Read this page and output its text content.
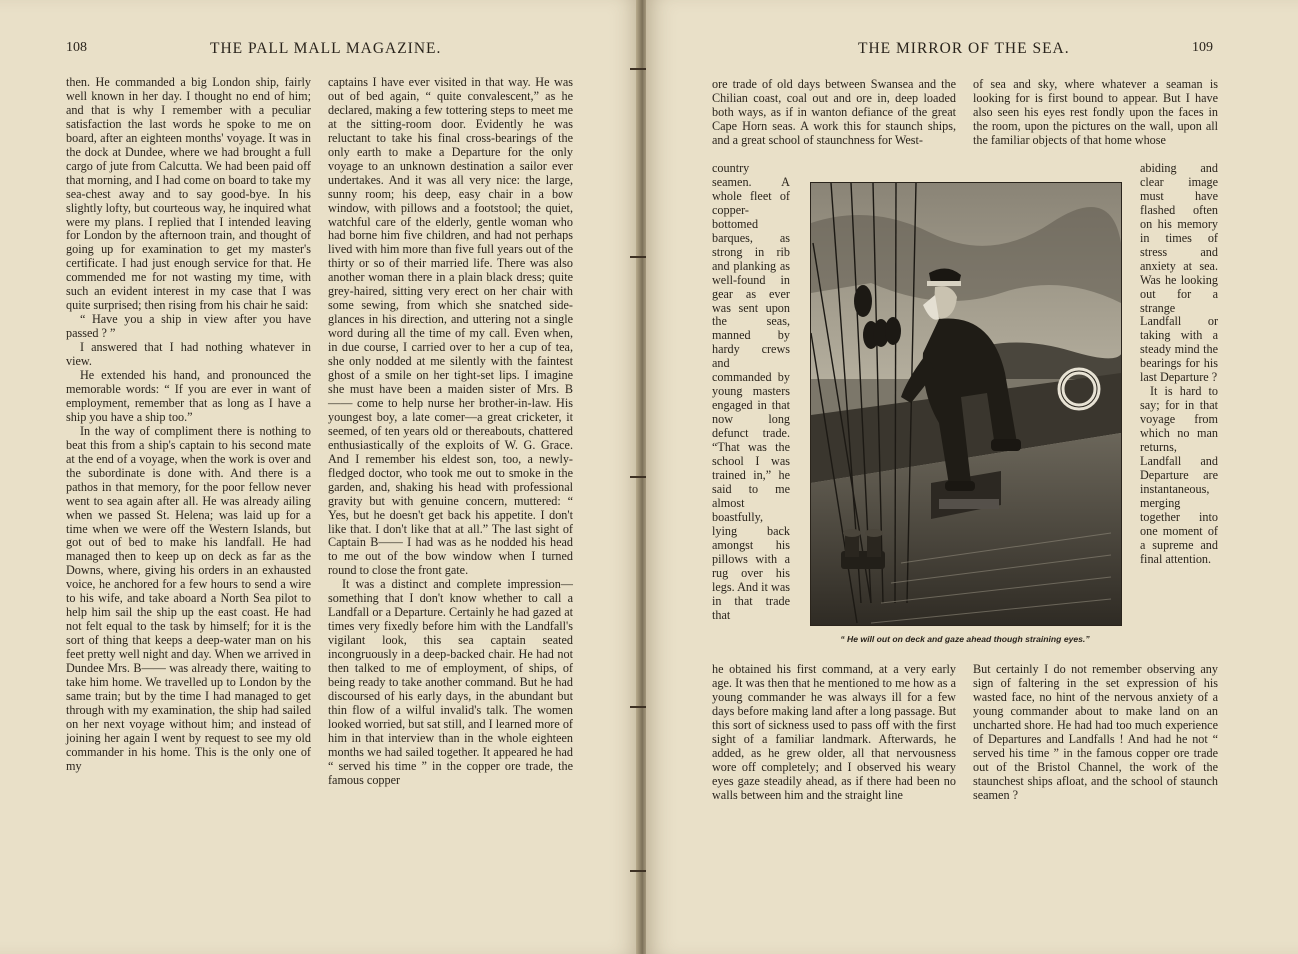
108	THE PALL MALL MAGAZINE.

then. He commanded a big London ship, fairly well known in her day. I thought no end of him; and that is why I remember with a peculiar satisfaction the last words he spoke to me on board, after an eighteen months' voyage. It was in the dock at Dundee, where we had brought a full cargo of jute from Calcutta. We had been paid off that morning, and I had come on board to take my sea-chest away and to say good-bye. In his slightly lofty, but courteous way, he inquired what were my plans. I replied that I intended leaving for London by the afternoon train, and thought of going up for examination to get my master's certificate. I had just enough service for that. He commended me for not wasting my time, with such an evident interest in my case that I was quite surprised; then rising from his chair he said:

“ Have you a ship in view after you have passed ? ”

I answered that I had nothing whatever in view.

He extended his hand, and pronounced the memorable words: “ If you are ever in want of employment, remember that as long as I have a ship you have a ship too.”

In the way of compliment there is nothing to beat this from a ship's captain to his second mate at the end of a voyage, when the work is over and the subordinate is done with. And there is a pathos in that memory, for the poor fellow never went to sea again after all. He was already ailing when we passed St. Helena; was laid up for a time when we were off the Western Islands, but got out of bed to make his landfall. He had managed then to keep up on deck as far as the Downs, where, giving his orders in an exhausted voice, he anchored for a few hours to send a wire to his wife, and take aboard a North Sea pilot to help him sail the ship up the east coast. He had not felt equal to the task by himself; for it is the sort of thing that keeps a deep-water man on his feet pretty well night and day. When we arrived in Dundee Mrs. B—— was already there, waiting to take him home. We travelled up to London by the same train; but by the time I had managed to get through with my examination, the ship had sailed on her next voyage without him; and instead of joining her again I went by request to see my old commander in his home. This is the only one of my

captains I have ever visited in that way. He was out of bed again, “ quite convalescent,” as he declared, making a few tottering steps to meet me at the sitting-room door. Evidently he was reluctant to take his final cross-bearings of the only earth to make a Departure for the only voyage to an unknown destination a sailor ever undertakes. And it was all very nice: the large, sunny room; his deep, easy chair in a bow window, with pillows and a footstool; the quiet, watchful care of the elderly, gentle woman who had borne him five children, and had not perhaps lived with him more than five full years out of the thirty or so of their married life. There was also another woman there in a plain black dress; quite grey-haired, sitting very erect on her chair with some sewing, from which she snatched side-glances in his direction, and uttering not a single word during all the time of my call. Even when, in due course, I carried over to her a cup of tea, she only nodded at me silently with the faintest ghost of a smile on her tight-set lips. I imagine she must have been a maiden sister of Mrs. B—— come to help nurse her brother-in-law. His youngest boy, a late comer—a great cricketer, it seemed, of ten years old or thereabouts, chattered enthusiastically of the exploits of W. G. Grace. And I remember his eldest son, too, a newly-fledged doctor, who took me out to smoke in the garden, and, shaking his head with professional gravity but with genuine concern, muttered: “ Yes, but he doesn't get back his appetite. I don't like that. I don't like that at all.” The last sight of Captain B—— I had was as he nodded his head to me out of the bow window when I turned round to close the front gate.

It was a distinct and complete impression—something that I don't know whether to call a Landfall or a Departure. Certainly he had gazed at times very fixedly before him with the Landfall's vigilant look, this sea captain seated incongruously in a deep-backed chair. He had not then talked to me of employment, of ships, of being ready to take another command. But he had discoursed of his early days, in the abundant but thin flow of a wilful invalid's talk. The women looked worried, but sat still, and I learned more of him in that interview than in the whole eighteen months we had sailed together. It appeared he had “ served his time ” in the copper ore trade, the famous copper

THE MIRROR OF THE SEA.	109

ore trade of old days between Swansea and the Chilian coast, coal out and ore in, deep loaded both ways, as if in wanton defiance of the great Cape Horn seas. A work this for staunch ships, and a great school of staunchness for West-

country seamen. A whole fleet of copper-bottomed barques, as strong in rib and planking as well-found in gear as ever was sent upon the seas, manned by hardy crews and commanded by young masters engaged in that now long defunct trade. “That was the school I was trained in,” he said to me almost boastfully, lying back amongst his pillows with a rug over his legs. And it was in that trade that

he obtained his first command, at a very early age. It was then that he mentioned to me how as a young commander he was always ill for a few days before making land after a long passage. But this sort of sickness used to pass off with the first sight of a familiar landmark. Afterwards, he added, as he grew older, all that nervousness wore off completely; and I observed his weary eyes gaze steadily ahead, as if there had been no walls between him and the straight line

of sea and sky, where whatever a seaman is looking for is first bound to appear. But I have also seen his eyes rest fondly upon the faces in the room, upon the pictures on the wall, upon all the familiar objects of that home whose

abiding and clear image must have flashed often on his memory in times of stress and anxiety at sea. Was he looking out for a strange Landfall or taking with a steady mind the bearings for his last Departure ?

It is hard to say; for in that voyage from which no man returns, Landfall and Departure are instantaneous, merging together into one moment of a supreme and final attention.

But certainly I do not remember observing any sign of faltering in the set expression of his wasted face, no hint of the nervous anxiety of a young commander about to make land on an uncharted shore. He had had too much experience of Departures and Landfalls ! And had he not “ served his time ” in the famous copper ore trade out of the Bristol Channel, the work of the staunchest ships afloat, and the school of staunch seamen ?

“ He will out on deck and gaze ahead though straining eyes.”
